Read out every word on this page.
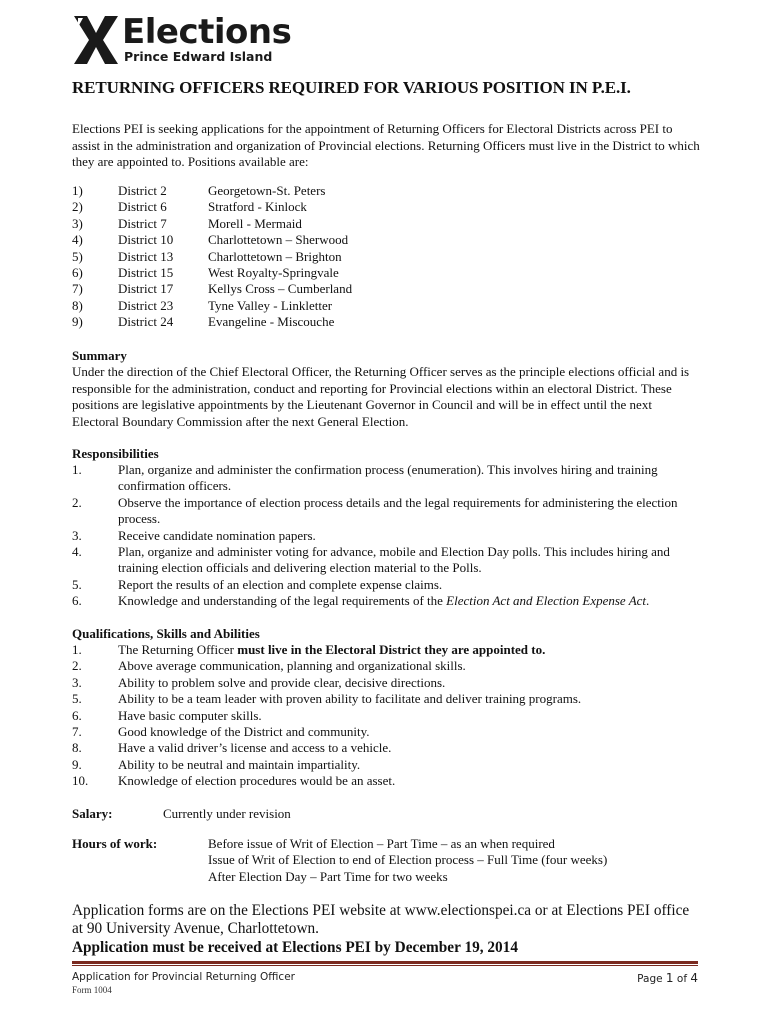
Elections
Prince Edward Island
RETURNING OFFICERS REQUIRED FOR VARIOUS POSITION IN P.E.I.
Elections PEI is seeking applications for the appointment of Returning Officers for Electoral Districts across PEI to assist in the administration and organization of Provincial elections. Returning Officers must live in the District to which they are appointed to. Positions available are:
1)	District 2	Georgetown-St. Peters
2)	District 6	Stratford - Kinlock
3)	District 7	Morell - Mermaid
4)	District 10	Charlottetown – Sherwood
5)	District 13	Charlottetown – Brighton
6)	District 15	West Royalty-Springvale
7)	District 17	Kellys Cross – Cumberland
8)	District 23	Tyne Valley - Linkletter
9)	District 24	Evangeline - Miscouche
Summary
Under the direction of the Chief Electoral Officer, the Returning Officer serves as the principle elections official and is responsible for the administration, conduct and reporting for Provincial elections within an electoral District. These positions are legislative appointments by the Lieutenant Governor in Council and will be in effect until the next Electoral Boundary Commission after the next General Election.
Responsibilities
1.	Plan, organize and administer the confirmation process (enumeration). This involves hiring and training confirmation officers.
2.	Observe the importance of election process details and the legal requirements for administering the election process.
3.	Receive candidate nomination papers.
4.	Plan, organize and administer voting for advance, mobile and Election Day polls. This includes hiring and training election officials and delivering election material to the Polls.
5.	Report the results of an election and complete expense claims.
6.	Knowledge and understanding of the legal requirements of the Election Act and Election Expense Act.
Qualifications, Skills and Abilities
1.	The Returning Officer must live in the Electoral District they are appointed to.
2.	Above average communication, planning and organizational skills.
3.	Ability to problem solve and provide clear, decisive directions.
5.	Ability to be a team leader with proven ability to facilitate and deliver training programs.
6.	Have basic computer skills.
7.	Good knowledge of the District and community.
8.	Have a valid driver’s license and access to a vehicle.
9.	Ability to be neutral and maintain impartiality.
10. Knowledge of election procedures would be an asset.
Salary:	Currently under revision
Hours of work:	Before issue of Writ of Election – Part Time – as an when required
Issue of Writ of Election to end of Election process – Full Time (four weeks)
After Election Day – Part Time for two weeks
Application forms are on the Elections PEI website at www.electionspei.ca or at Elections PEI office
at 90 University Avenue, Charlottetown.
Application must be received at Elections PEI by December 19, 2014
Application for Provincial Returning Officer
Form 1004
Page 1 of 4
